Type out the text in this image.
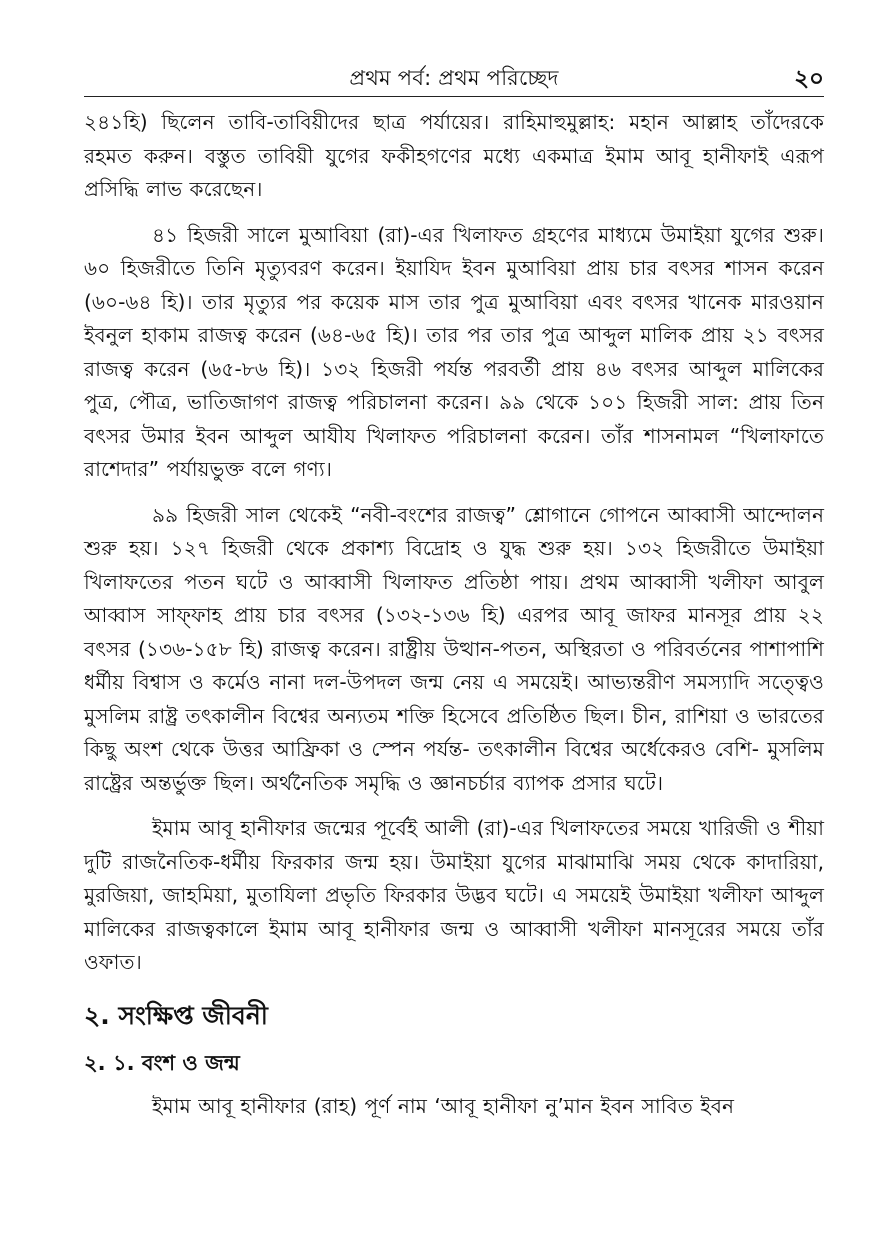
প্রথম পর্ব: প্রথম পরিচ্ছেদ	২০

২৪১হি) ছিলেন তাবি-তাবিয়ীদের ছাত্র পর্যায়ের। রাহিমাহুমুল্লাহ: মহান আল্লাহ তাঁদেরকে রহমত করুন। বস্তুত তাবিয়ী যুগের ফকীহগণের মধ্যে একমাত্র ইমাম আবূ হানীফাই এরূপ প্রসিদ্ধি লাভ করেছেন।

৪১ হিজরী সালে মুআবিয়া (রা)-এর খিলাফত গ্রহণের মাধ্যমে উমাইয়া যুগের শুরু। ৬০ হিজরীতে তিনি মৃত্যুবরণ করেন। ইয়াযিদ ইবন মুআবিয়া প্রায় চার বৎসর শাসন করেন (৬০-৬৪ হি)। তার মৃত্যুর পর কয়েক মাস তার পুত্র মুআবিয়া এবং বৎসর খানেক মারওয়ান ইবনুল হাকাম রাজত্ব করেন (৬৪-৬৫ হি)। তার পর তার পুত্র আব্দুল মালিক প্রায় ২১ বৎসর রাজত্ব করেন (৬৫-৮৬ হি)। ১৩২ হিজরী পর্যন্ত পরবর্তী প্রায় ৪৬ বৎসর আব্দুল মালিকের পুত্র, পৌত্র, ভাতিজাগণ রাজত্ব পরিচালনা করেন। ৯৯ থেকে ১০১ হিজরী সাল: প্রায় তিন বৎসর উমার ইবন আব্দুল আযীয খিলাফত পরিচালনা করেন। তাঁর শাসনামল “খিলাফাতে রাশেদার” পর্যায়ভুক্ত বলে গণ্য।

৯৯ হিজরী সাল থেকেই “নবী-বংশের রাজত্ব” শ্লোগানে গোপনে আব্বাসী আন্দোলন শুরু হয়। ১২৭ হিজরী থেকে প্রকাশ্য বিদ্রোহ ও যুদ্ধ শুরু হয়। ১৩২ হিজরীতে উমাইয়া খিলাফতের পতন ঘটে ও আব্বাসী খিলাফত প্রতিষ্ঠা পায়। প্রথম আব্বাসী খলীফা আবুল আব্বাস সাফ্ফাহ প্রায় চার বৎসর (১৩২-১৩৬ হি) এরপর আবূ জাফর মানসূর প্রায় ২২ বৎসর (১৩৬-১৫৮ হি) রাজত্ব করেন। রাষ্ট্রীয় উত্থান-পতন, অস্থিরতা ও পরিবর্তনের পাশাপাশি ধর্মীয় বিশ্বাস ও কর্মেও নানা দল-উপদল জন্ম নেয় এ সময়েই। আভ্যন্তরীণ সমস্যাদি সত্ত্বেও মুসলিম রাষ্ট্র তৎকালীন বিশ্বের অন্যতম শক্তি হিসেবে প্রতিষ্ঠিত ছিল। চীন, রাশিয়া ও ভারতের কিছু অংশ থেকে উত্তর আফ্রিকা ও স্পেন পর্যন্ত- তৎকালীন বিশ্বের অর্ধেকেরও বেশি- মুসলিম রাষ্ট্রের অন্তর্ভুক্ত ছিল। অর্থনৈতিক সমৃদ্ধি ও জ্ঞানচর্চার ব্যাপক প্রসার ঘটে।

ইমাম আবূ হানীফার জন্মের পূর্বেই আলী (রা)-এর খিলাফতের সময়ে খারিজী ও শীয়া দুটি রাজনৈতিক-ধর্মীয় ফিরকার জন্ম হয়। উমাইয়া যুগের মাঝামাঝি সময় থেকে কাদারিয়া, মুরজিয়া, জাহমিয়া, মুতাযিলা প্রভৃতি ফিরকার উদ্ভব ঘটে। এ সময়েই উমাইয়া খলীফা আব্দুল মালিকের রাজত্বকালে ইমাম আবূ হানীফার জন্ম ও আব্বাসী খলীফা মানসূরের সময়ে তাঁর ওফাত।

২. সংক্ষিপ্ত জীবনী
২. ১. বংশ ও জন্ম

ইমাম আবূ হানীফার (রাহ) পূর্ণ নাম ‘আবূ হানীফা নু’মান ইবন সাবিত ইবন
